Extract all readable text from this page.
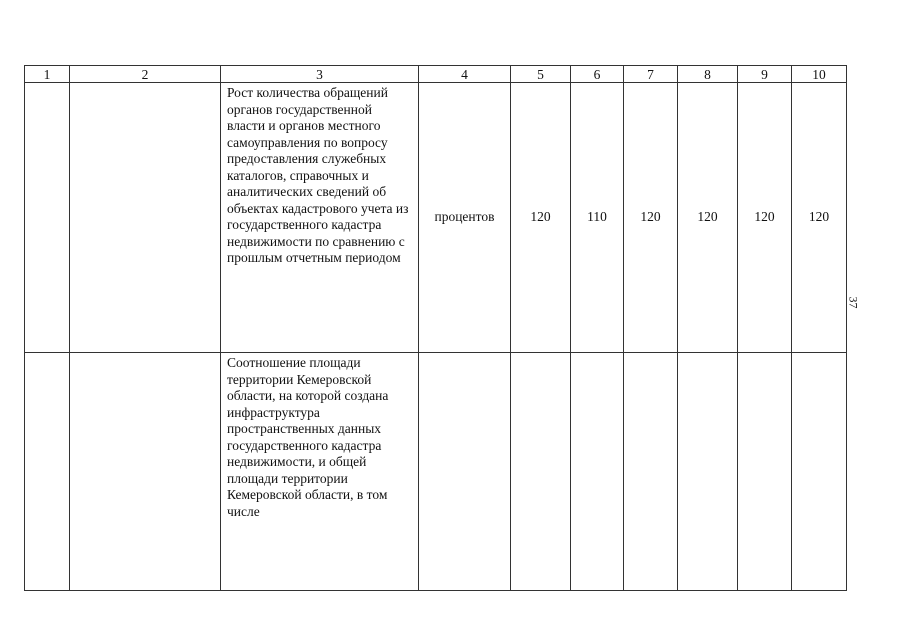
1	2	3	4	5	6	7	8	9	10
		Рост количества обращений органов государственной власти и органов местного самоуправления по вопросу предоставления служебных каталогов, справочных и аналитических сведений об объектах кадастрового учета из государственного кадастра недвижимости по сравнению с прошлым отчетным периодом	процентов	120	110	120	120	120	120
		Соотношение площади территории Кемеровской области, на которой создана инфраструктура пространственных данных государственного кадастра недвижимости, и общей площади территории Кемеровской области, в том числе							
37
